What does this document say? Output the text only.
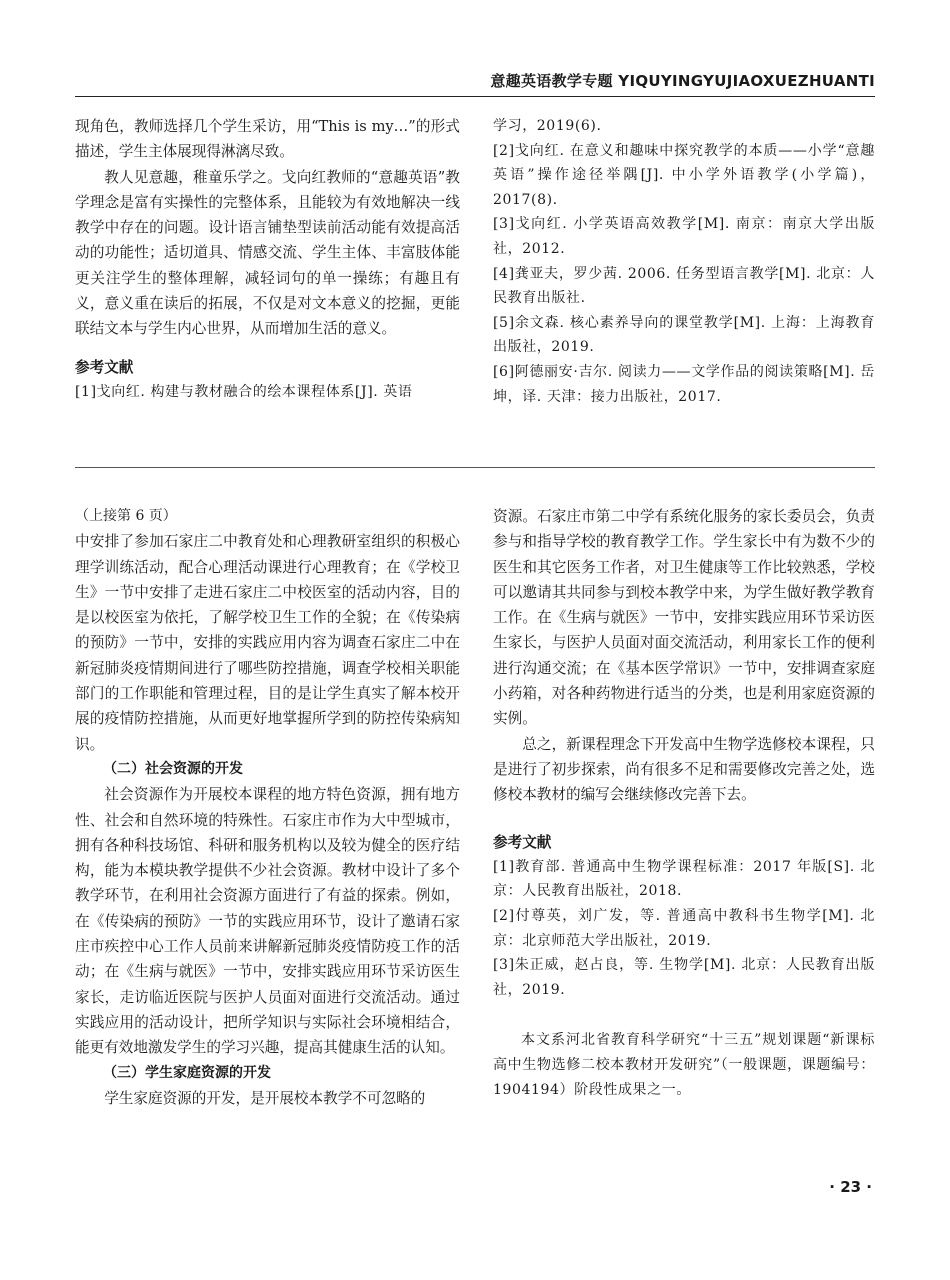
意趣英语教学专题 YIQUYINGYUJIAOXUEZHUANTI

现角色，教师选择几个学生采访，用“This is my…”的形式描述，学生主体展现得淋漓尽致。

教人见意趣，稚童乐学之。戈向红教师的“意趣英语”教学理念是富有实操性的完整体系，且能较为有效地解决一线教学中存在的问题。设计语言铺垫型读前活动能有效提高活动的功能性；适切道具、情感交流、学生主体、丰富肢体能更关注学生的整体理解，减轻词句的单一操练；有趣且有义，意义重在读后的拓展，不仅是对文本意义的挖掘，更能联结文本与学生内心世界，从而增加生活的意义。

参考文献

[1]戈向红. 构建与教材融合的绘本课程体系[J]. 英语

学习，2019(6).

[2]戈向红. 在意义和趣味中探究教学的本质——小学“意趣英语”操作途径举隅[J]. 中小学外语教学(小学篇)，2017(8).

[3]戈向红. 小学英语高效教学[M]. 南京：南京大学出版社，2012.

[4]龚亚夫，罗少茜. 2006. 任务型语言教学[M]. 北京：人民教育出版社.

[5]余文森. 核心素养导向的课堂教学[M]. 上海：上海教育出版社，2019.

[6]阿德丽安·吉尔. 阅读力——文学作品的阅读策略[M]. 岳坤，译. 天津：接力出版社，2017.

（上接第 6 页）

中安排了参加石家庄二中教育处和心理教研室组织的积极心理学训练活动，配合心理活动课进行心理教育；在《学校卫生》一节中安排了走进石家庄二中校医室的活动内容，目的是以校医室为依托，了解学校卫生工作的全貌；在《传染病的预防》一节中，安排的实践应用内容为调查石家庄二中在新冠肺炎疫情期间进行了哪些防控措施，调查学校相关职能部门的工作职能和管理过程，目的是让学生真实了解本校开展的疫情防控措施，从而更好地掌握所学到的防控传染病知识。

（二）社会资源的开发

社会资源作为开展校本课程的地方特色资源，拥有地方性、社会和自然环境的特殊性。石家庄市作为大中型城市，拥有各种科技场馆、科研和服务机构以及较为健全的医疗结构，能为本模块教学提供不少社会资源。教材中设计了多个教学环节，在利用社会资源方面进行了有益的探索。例如，在《传染病的预防》一节的实践应用环节，设计了邀请石家庄市疾控中心工作人员前来讲解新冠肺炎疫情防疫工作的活动；在《生病与就医》一节中，安排实践应用环节采访医生家长，走访临近医院与医护人员面对面进行交流活动。通过实践应用的活动设计，把所学知识与实际社会环境相结合，能更有效地激发学生的学习兴趣，提高其健康生活的认知。

（三）学生家庭资源的开发

学生家庭资源的开发，是开展校本教学不可忽略的

资源。石家庄市第二中学有系统化服务的家长委员会，负责参与和指导学校的教育教学工作。学生家长中有为数不少的医生和其它医务工作者，对卫生健康等工作比较熟悉，学校可以邀请其共同参与到校本教学中来，为学生做好教学教育工作。在《生病与就医》一节中，安排实践应用环节采访医生家长，与医护人员面对面交流活动，利用家长工作的便利进行沟通交流；在《基本医学常识》一节中，安排调查家庭小药箱，对各种药物进行适当的分类，也是利用家庭资源的实例。

总之，新课程理念下开发高中生物学选修校本课程，只是进行了初步探索，尚有很多不足和需要修改完善之处，选修校本教材的编写会继续修改完善下去。

参考文献

[1]教育部. 普通高中生物学课程标准：2017 年版[S]. 北京：人民教育出版社，2018.

[2]付尊英，刘广发，等. 普通高中教科书生物学[M]. 北京：北京师范大学出版社，2019.

[3]朱正威，赵占良，等. 生物学[M]. 北京：人民教育出版社，2019.

本文系河北省教育科学研究“十三五”规划课题“新课标高中生物选修二校本教材开发研究”（一般课题，课题编号：1904194）阶段性成果之一。

· 23 ·
